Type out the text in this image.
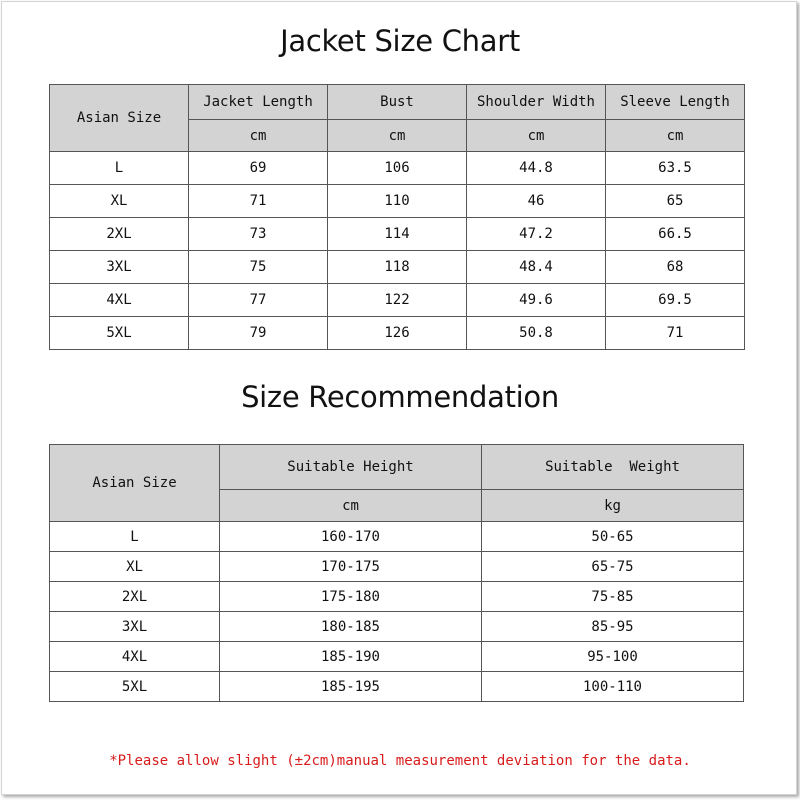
Jacket Size Chart
Asian Size	Jacket Length	Bust	Shoulder Width	Sleeve Length
	cm	cm	cm	cm
L	69	106	44.8	63.5
XL	71	110	46	65
2XL	73	114	47.2	66.5
3XL	75	118	48.4	68
4XL	77	122	49.6	69.5
5XL	79	126	50.8	71
Size Recommendation
Asian Size	Suitable Height	Suitable  Weight
	cm	kg
L	160-170	50-65
XL	170-175	65-75
2XL	175-180	75-85
3XL	180-185	85-95
4XL	185-190	95-100
5XL	185-195	100-110
*Please allow slight (±2cm)manual measurement deviation for the data.
